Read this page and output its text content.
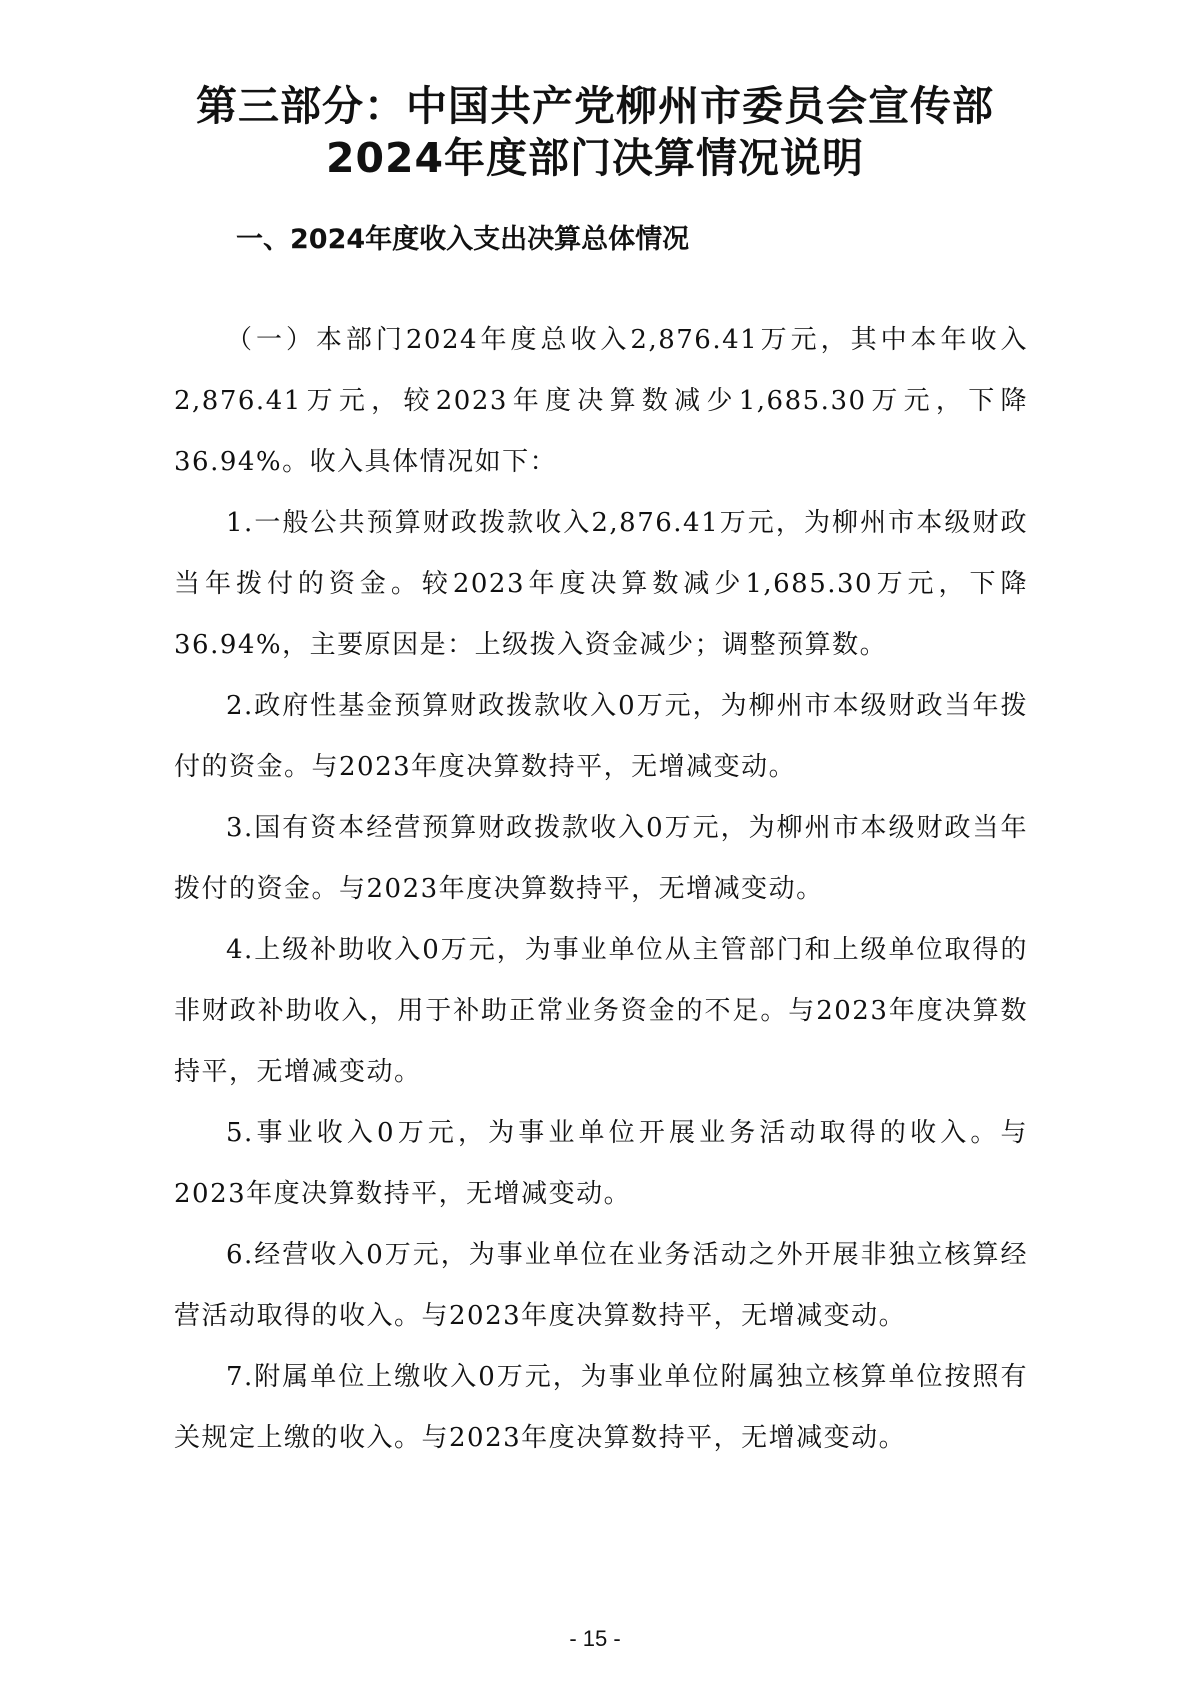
第三部分：中国共产党柳州市委员会宣传部
2024年度部门决算情况说明
一、2024年度收入支出决算总体情况

（一）本部门2024年度总收入2,876.41万元，其中本年收入2,876.41万元，较2023年度决算数减少1,685.30万元，下降36.94%。收入具体情况如下：

1.一般公共预算财政拨款收入2,876.41万元，为柳州市本级财政当年拨付的资金。较2023年度决算数减少1,685.30万元，下降36.94%，主要原因是：上级拨入资金减少；调整预算数。

2.政府性基金预算财政拨款收入0万元，为柳州市本级财政当年拨付的资金。与2023年度决算数持平，无增减变动。

3.国有资本经营预算财政拨款收入0万元，为柳州市本级财政当年拨付的资金。与2023年度决算数持平，无增减变动。

4.上级补助收入0万元，为事业单位从主管部门和上级单位取得的非财政补助收入，用于补助正常业务资金的不足。与2023年度决算数持平，无增减变动。

5.事业收入0万元，为事业单位开展业务活动取得的收入。与2023年度决算数持平，无增减变动。

6.经营收入0万元，为事业单位在业务活动之外开展非独立核算经营活动取得的收入。与2023年度决算数持平，无增减变动。

7.附属单位上缴收入0万元，为事业单位附属独立核算单位按照有关规定上缴的收入。与2023年度决算数持平，无增减变动。

- 15 -
